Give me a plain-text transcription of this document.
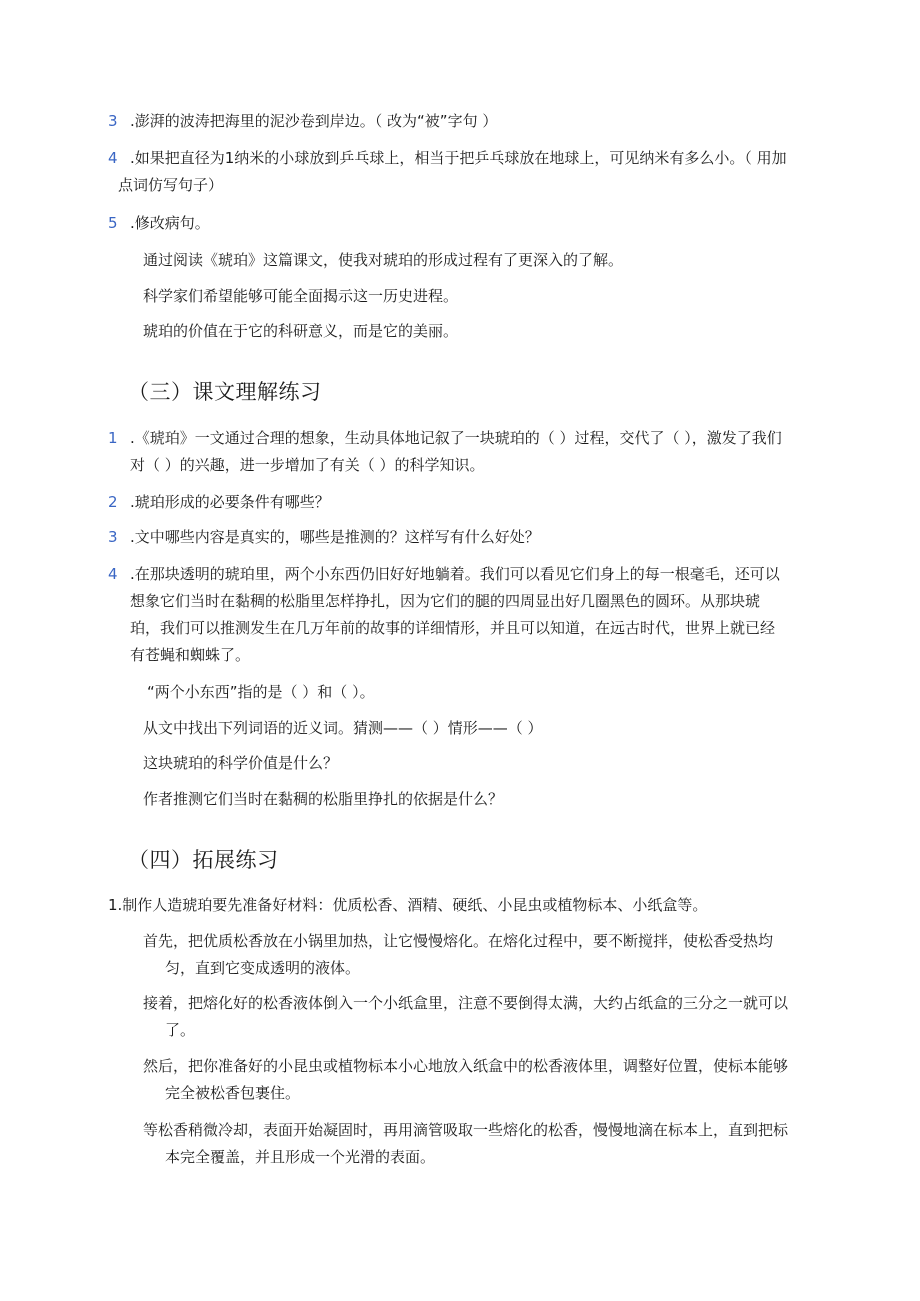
3 .澎湃的波涛把海里的泥沙卷到岸边。（ 改为“被”字句 ）
4 .如果把直径为1纳米的小球放到乒乓球上，相当于把乒乓球放在地球上，可见纳米有多么小。（ 用加
点词仿写句子）
5 .修改病句。
通过阅读《琥珀》这篇课文，使我对琥珀的形成过程有了更深入的了解。
科学家们希望能够可能全面揭示这一历史进程。
琥珀的价值在于它的科研意义，而是它的美丽。
（三）课文理解练习
1 .《琥珀》一文通过合理的想象，生动具体地记叙了一块琥珀的（ ）过程，交代了（ ），激发了我们
对（ ）的兴趣，进一步增加了有关（ ）的科学知识。
2 .琥珀形成的必要条件有哪些？
3 .文中哪些内容是真实的，哪些是推测的？这样写有什么好处？
4 .在那块透明的琥珀里，两个小东西仍旧好好地躺着。我们可以看见它们身上的每一根毫毛，还可以
想象它们当时在黏稠的松脂里怎样挣扎，因为它们的腿的四周显出好几圈黑色的圆环。从那块琥
珀，我们可以推测发生在几万年前的故事的详细情形，并且可以知道，在远古时代，世界上就已经
有苍蝇和蜘蛛了。
“两个小东西”指的是（ ）和（ ）。
从文中找出下列词语的近义词。猜测——（ ）情形——（ ）
这块琥珀的科学价值是什么？
作者推测它们当时在黏稠的松脂里挣扎的依据是什么？
（四）拓展练习
1.制作人造琥珀要先准备好材料：优质松香、酒精、硬纸、小昆虫或植物标本、小纸盒等。
首先，把优质松香放在小锅里加热，让它慢慢熔化。在熔化过程中，要不断搅拌，使松香受热均
匀，直到它变成透明的液体。
接着，把熔化好的松香液体倒入一个小纸盒里，注意不要倒得太满，大约占纸盒的三分之一就可以
了。
然后，把你准备好的小昆虫或植物标本小心地放入纸盒中的松香液体里，调整好位置，使标本能够
完全被松香包裹住。
等松香稍微冷却，表面开始凝固时，再用滴管吸取一些熔化的松香，慢慢地滴在标本上，直到把标
本完全覆盖，并且形成一个光滑的表面。
